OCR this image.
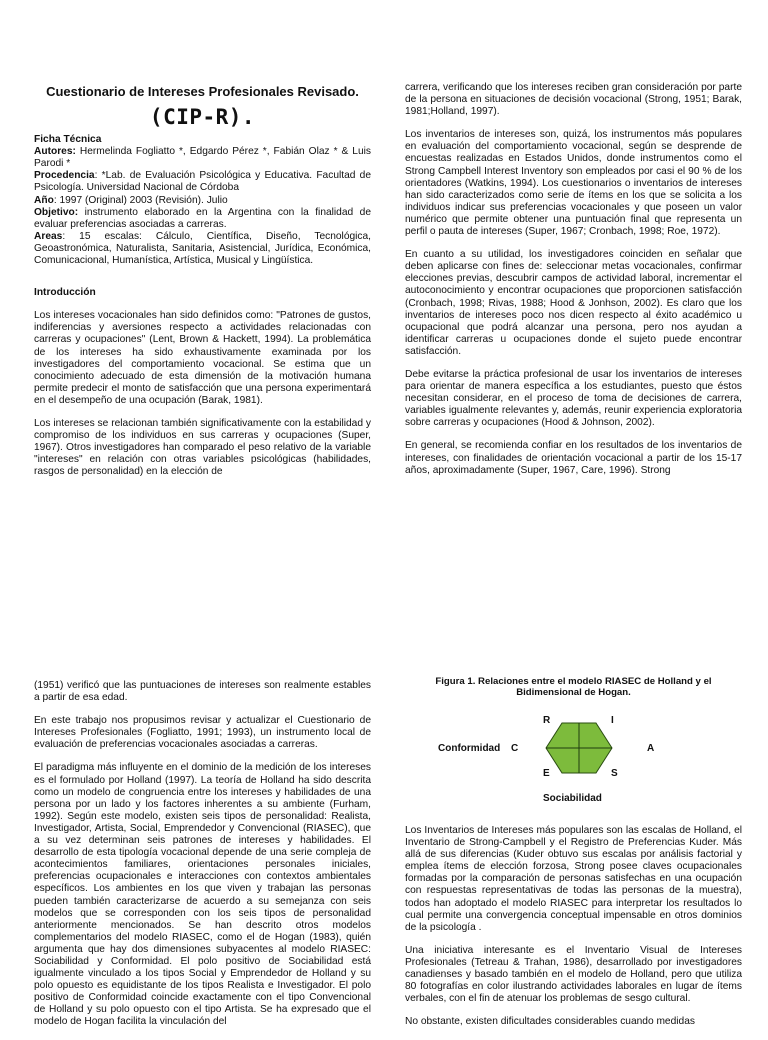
Cuestionario de Intereses Profesionales Revisado.

(CIP-R).

Ficha Técnica

Autores: Hermelinda Fogliatto *, Edgardo Pérez *, Fabián Olaz * & Luis Parodi *

Procedencia: *Lab. de Evaluación Psicológica y Educativa. Facultad de Psicología. Universidad Nacional de Córdoba

Año: 1997 (Original) 2003 (Revisión). Julio

Objetivo: instrumento elaborado en la Argentina con la finalidad de evaluar preferencias asociadas a carreras.

Areas: 15 escalas: Cálculo, Científica, Diseño, Tecnológica, Geoastronómica, Naturalista, Sanitaria, Asistencial, Jurídica, Económica, Comunicacional, Humanística, Artística, Musical y Lingüística.

Introducción

Los intereses vocacionales han sido definidos como: "Patrones de gustos, indiferencias y aversiones respecto a actividades relacionadas con carreras y ocupaciones" (Lent, Brown & Hackett, 1994). La problemática de los intereses ha sido exhaustivamente examinada por los investigadores del comportamiento vocacional. Se estima que un conocimiento adecuado de esta dimensión de la motivación humana permite predecir el monto de satisfacción que una persona experimentará en el desempeño de una ocupación (Barak, 1981).

Los intereses se relacionan también significativamente con la estabilidad y compromiso de los individuos en sus carreras y ocupaciones (Super, 1967). Otros investigadores han comparado el peso relativo de la variable "intereses" en relación con otras variables psicológicas (habilidades, rasgos de personalidad) en la elección de

carrera, verificando que los intereses reciben gran consideración por parte de la persona en situaciones de decisión vocacional (Strong, 1951; Barak, 1981;Holland, 1997).

Los inventarios de intereses son, quizá, los instrumentos más populares en evaluación del comportamiento vocacional, según se desprende de encuestas realizadas en Estados Unidos, donde instrumentos como el Strong Campbell Interest Inventory son empleados por casi el 90 % de los orientadores (Watkins, 1994). Los cuestionarios o inventarios de intereses han sido caracterizados como serie de ítems en los que se solicita a los individuos indicar sus preferencias vocacionales y que poseen un valor numérico que permite obtener una puntuación final que representa un perfil o pauta de intereses (Super, 1967; Cronbach, 1998; Roe, 1972).

En cuanto a su utilidad, los investigadores coinciden en señalar que deben aplicarse con fines de: seleccionar metas vocacionales, confirmar elecciones previas, descubrir campos de actividad laboral, incrementar el autoconocimiento y encontrar ocupaciones que proporcionen satisfacción (Cronbach, 1998; Rivas, 1988; Hood & Jonhson, 2002). Es claro que los inventarios de intereses poco nos dicen respecto al éxito académico u ocupacional que podrá alcanzar una persona, pero nos ayudan a identificar carreras u ocupaciones donde el sujeto puede encontrar satisfacción.

Debe evitarse la práctica profesional de usar los inventarios de intereses para orientar de manera específica a los estudiantes, puesto que éstos necesitan considerar, en el proceso de toma de decisiones de carrera, variables igualmente relevantes y, además, reunir experiencia exploratoria sobre carreras y ocupaciones (Hood & Johnson, 2002).

En general, se recomienda confiar en los resultados de los inventarios de intereses, con finalidades de orientación vocacional a partir de los 15-17 años, aproximadamente (Super, 1967, Care, 1996). Strong

(1951) verificó que las puntuaciones de intereses son realmente estables a partir de esa edad.

En este trabajo nos propusimos revisar y actualizar el Cuestionario de Intereses Profesionales (Fogliatto, 1991; 1993), un instrumento local de evaluación de preferencias vocacionales asociadas a carreras.

El paradigma más influyente en el dominio de la medición de los intereses es el formulado por Holland (1997). La teoría de Holland ha sido descrita como un modelo de congruencia entre los intereses y habilidades de una persona por un lado y los factores inherentes a su ambiente (Furham, 1992). Según este modelo, existen seis tipos de personalidad: Realista, Investigador, Artista, Social, Emprendedor y Convencional (RIASEC), que a su vez determinan seis patrones de intereses y habilidades. El desarrollo de esta tipología vocacional depende de una serie compleja de acontecimientos familiares, orientaciones personales iniciales, preferencias ocupacionales e interacciones con contextos ambientales específicos. Los ambientes en los que viven y trabajan las personas pueden también caracterizarse de acuerdo a su semejanza con seis modelos que se corresponden con los seis tipos de personalidad anteriormente mencionados. Se han descrito otros modelos complementarios del modelo RIASEC, como el de Hogan (1983), quién argumenta que hay dos dimensiones subyacentes al modelo RIASEC: Sociabilidad y Conformidad. El polo positivo de Sociabilidad está igualmente vinculado a los tipos Social y Emprendedor de Holland y su polo opuesto es equidistante de los tipos Realista e Investigador. El polo positivo de Conformidad coincide exactamente con el tipo Convencional de Holland y su polo opuesto con el tipo Artista. Se ha expresado que el modelo de Hogan facilita la vinculación del

Figura 1. Relaciones entre el modelo RIASEC de Holland y el Bidimensional de Hogan.

R	I
Conformidad C	A
E	S
Sociabilidad

Los Inventarios de Intereses más populares son las escalas de Holland, el Inventario de Strong-Campbell y el Registro de Preferencias Kuder. Más allá de sus diferencias (Kuder obtuvo sus escalas por análisis factorial y emplea ítems de elección forzosa, Strong posee claves ocupacionales formadas por la comparación de personas satisfechas en una ocupación con respuestas representativas de todas las personas de la muestra), todos han adoptado el modelo RIASEC para interpretar los resultados lo cual permite una convergencia conceptual impensable en otros dominios de la psicología .

Una iniciativa interesante es el Inventario Visual de Intereses Profesionales (Tetreau & Trahan, 1986), desarrollado por investigadores canadienses y basado también en el modelo de Holland, pero que utiliza 80 fotografías en color ilustrando actividades laborales en lugar de ítems verbales, con el fin de atenuar los problemas de sesgo cultural.

No obstante, existen dificultades considerables cuando medidas
